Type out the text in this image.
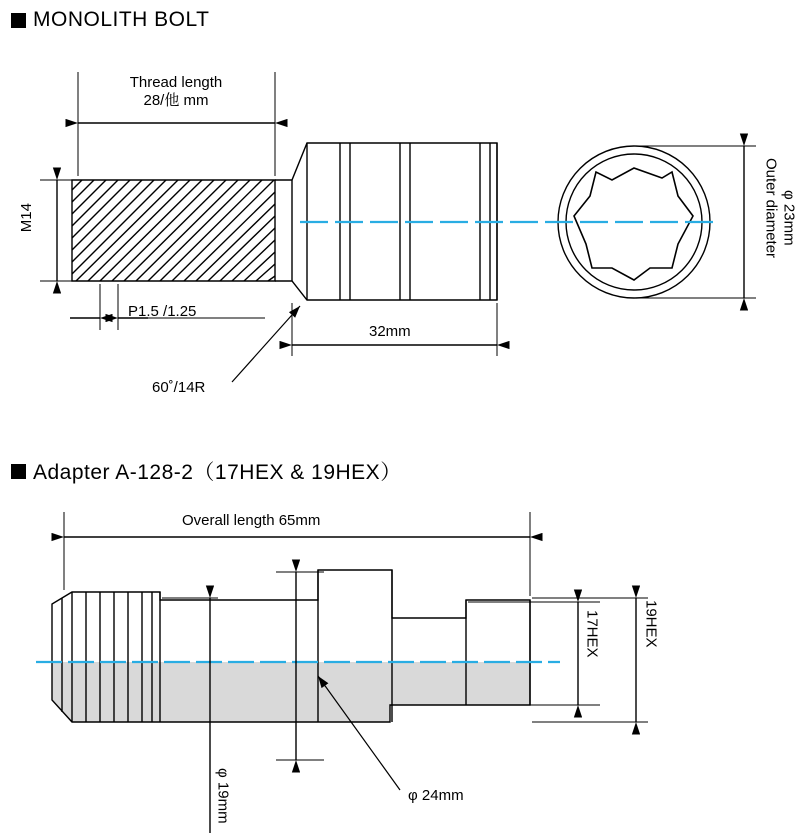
MONOLITH BOLT
Adapter A-128-2（17HEX & 19HEX）
Thread length
28/他 mm
M14
P1.5 /1.25
60˚/14R
32mm
Outer diameter φ 23mm
Overall length 65mm
17HEX	19HEX
φ 19mm	φ 24mm
